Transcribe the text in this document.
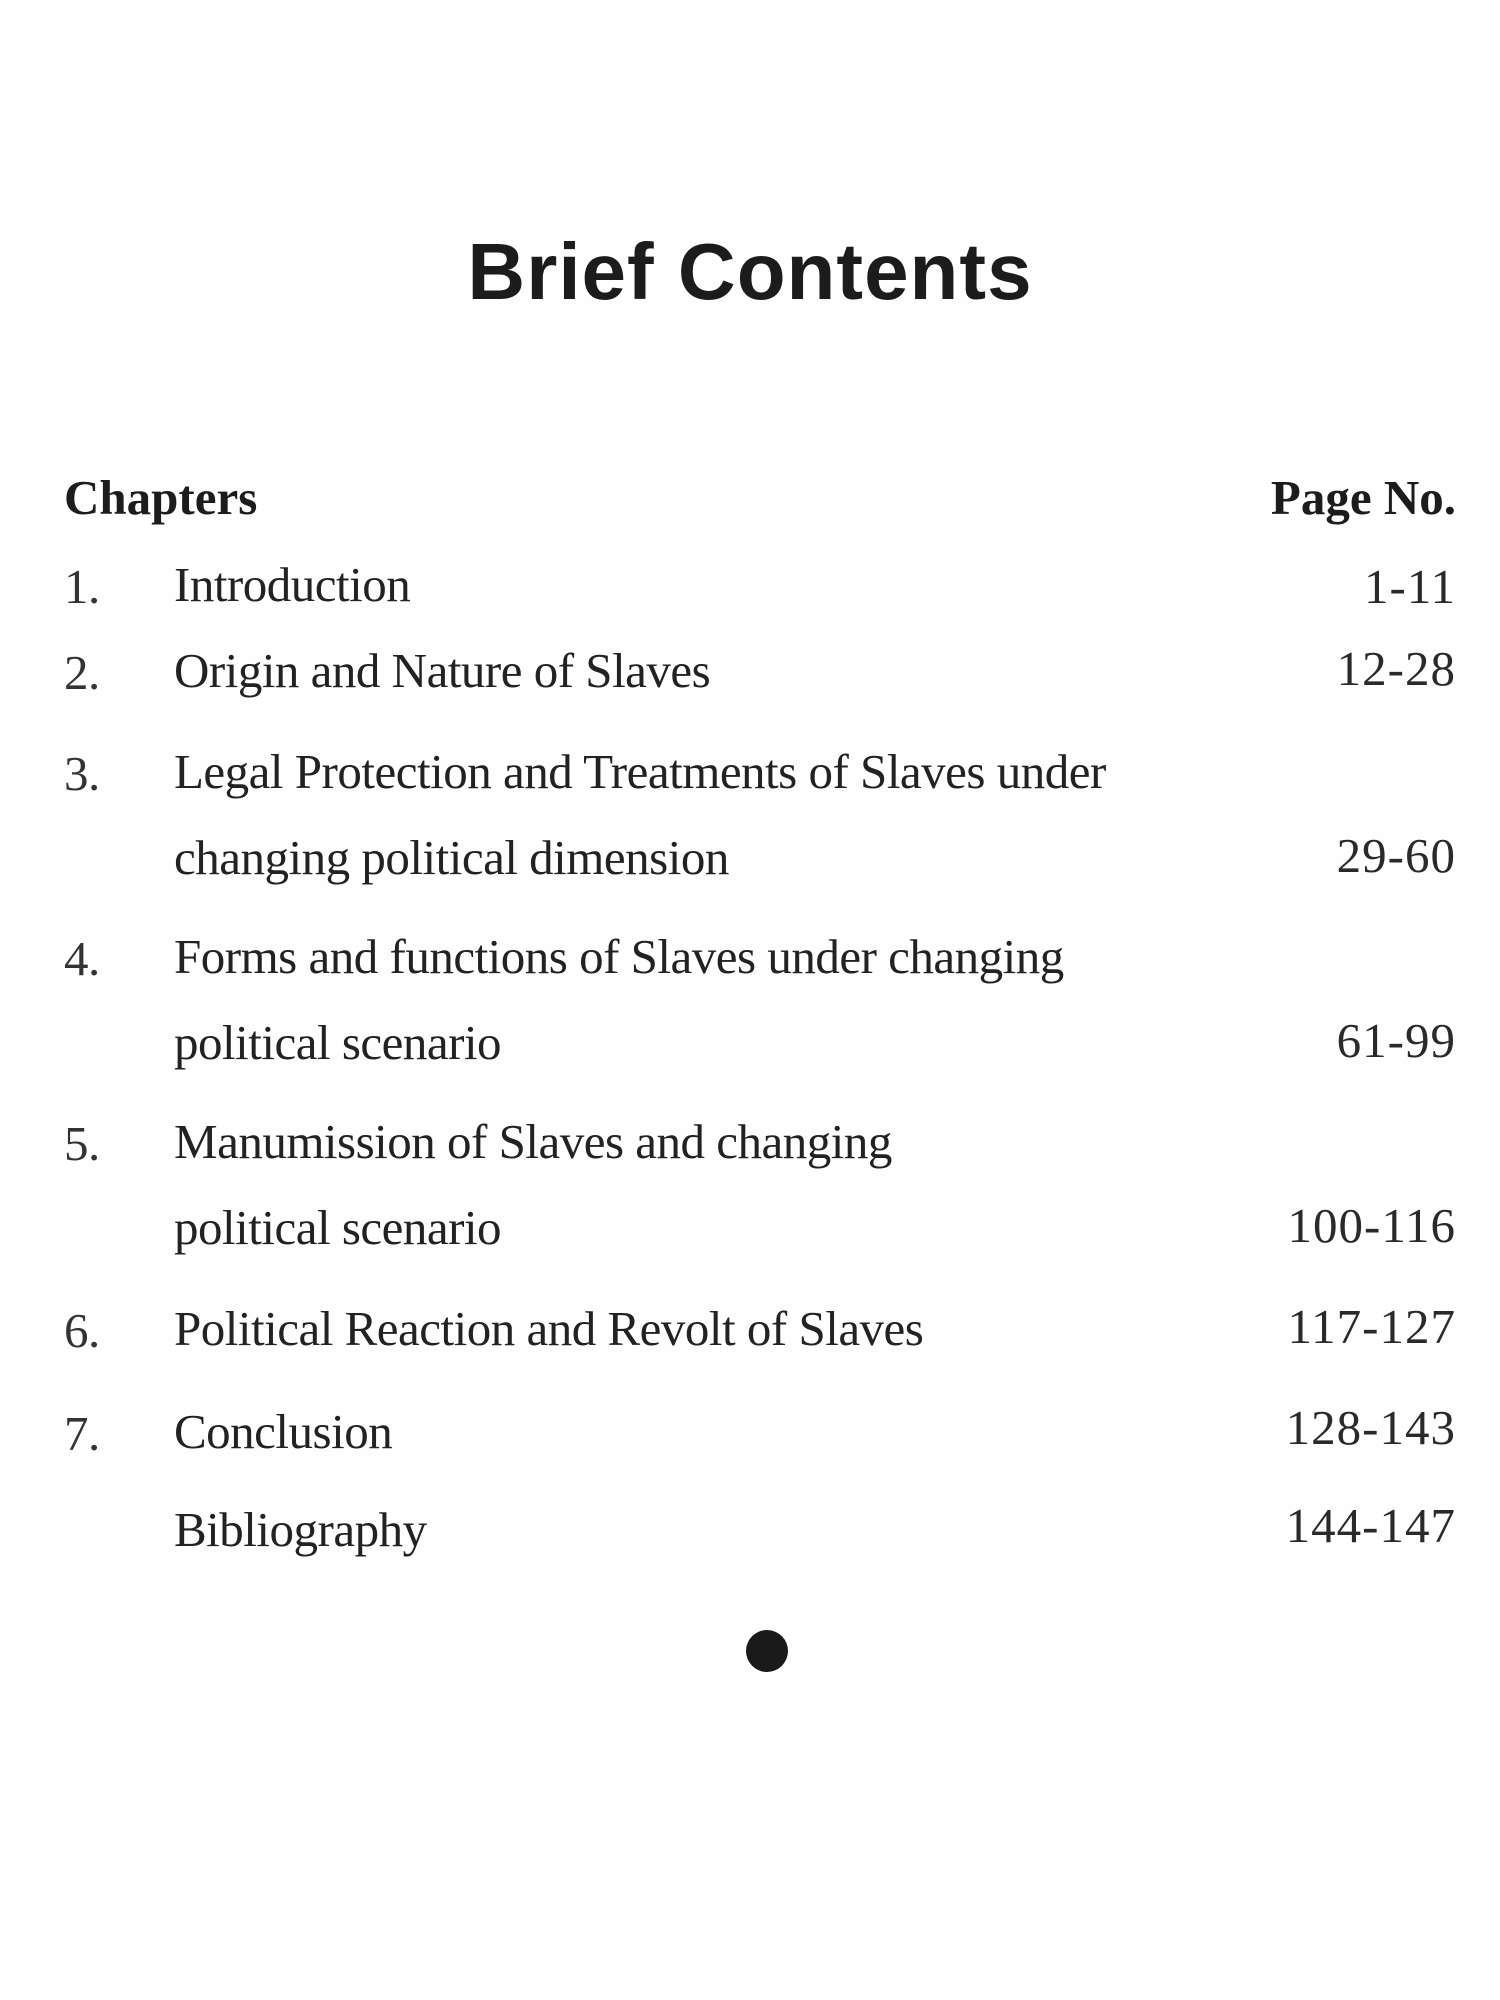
Brief Contents
Chapters	Page No.
1. Introduction	1-11
2. Origin and Nature of Slaves	12-28
3. Legal Protection and Treatments of Slaves under
changing political dimension	29-60
4. Forms and functions of Slaves under changing
political scenario	61-99
5. Manumission of Slaves and changing
political scenario	100-116
6. Political Reaction and Revolt of Slaves	117-127
7. Conclusion	128-143
Bibliography	144-147
